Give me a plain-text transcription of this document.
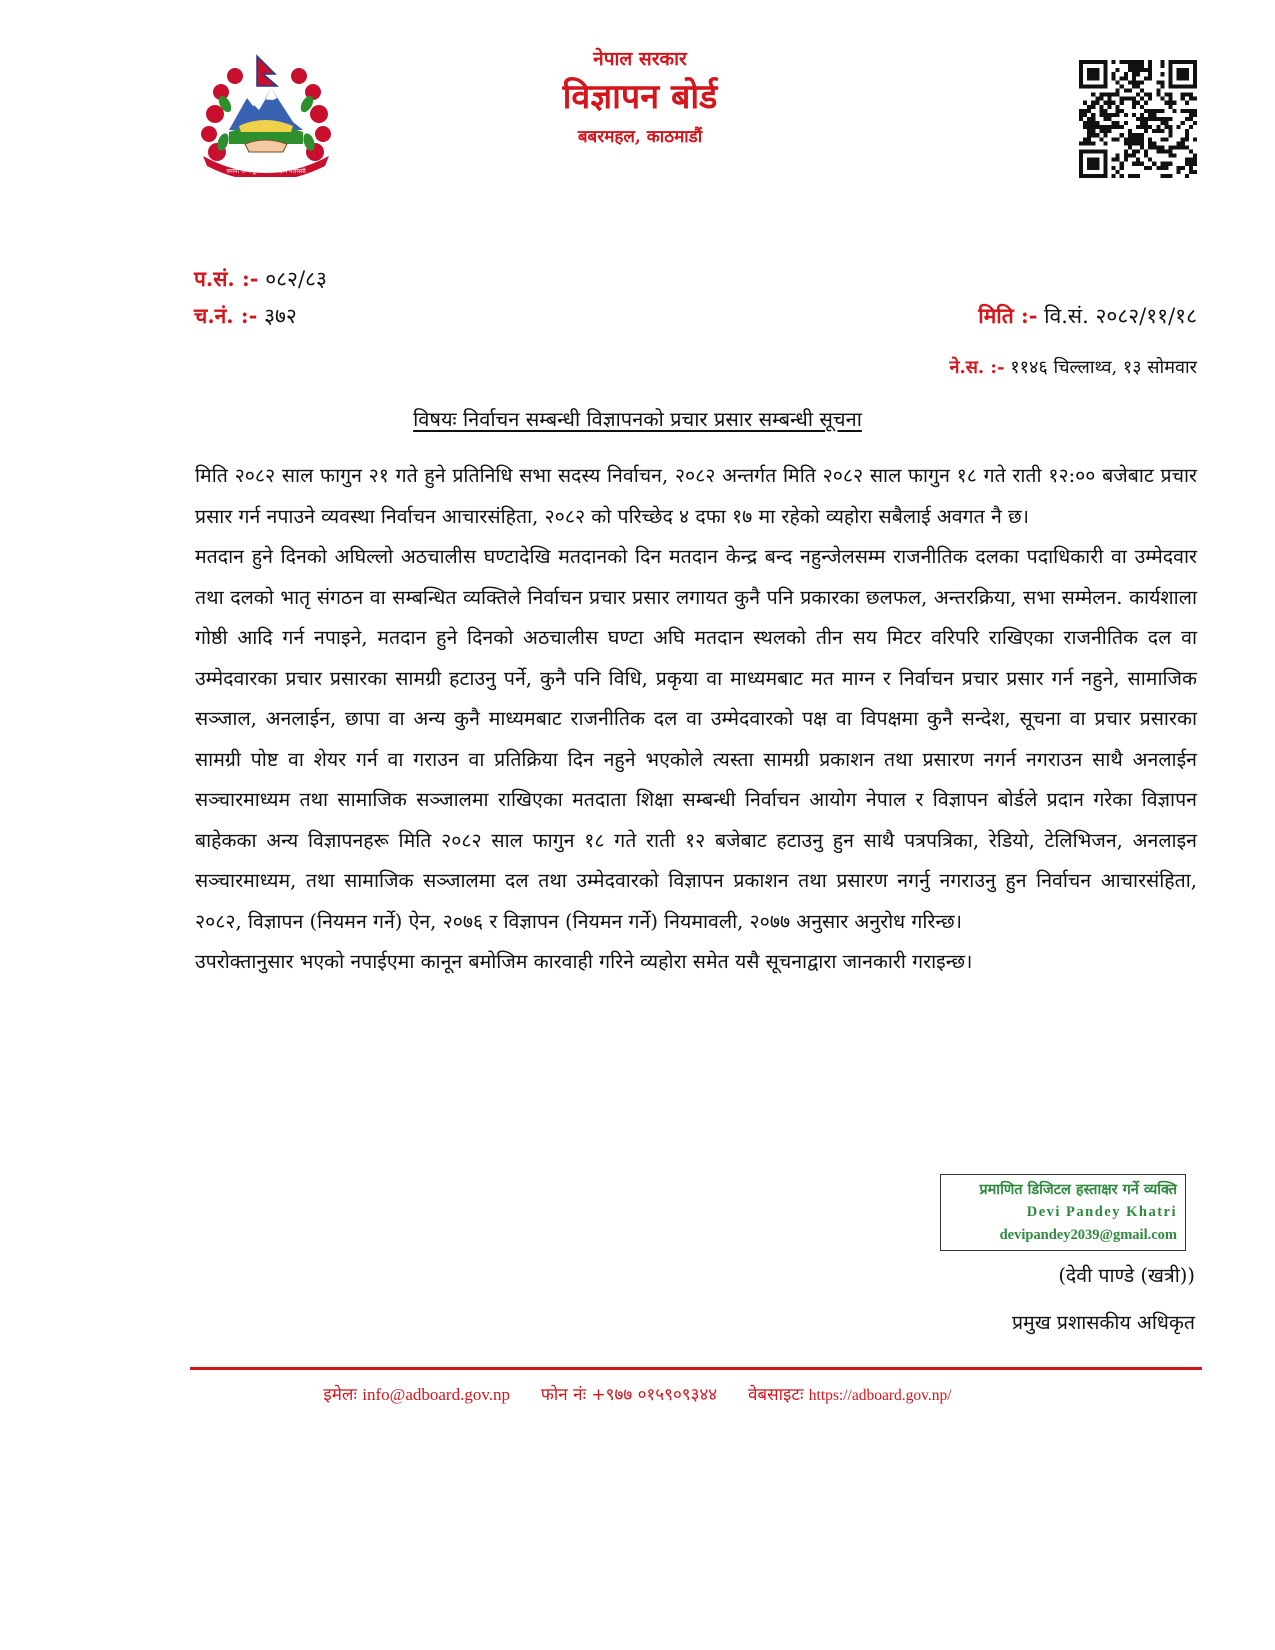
जननी जन्मभूमिश्च स्वर्गादपि गरीयसी
नेपाल सरकार
विज्ञापन बोर्ड
बबरमहल, काठमाडौं
प.सं. :- ०८२/८३
च.नं. :- ३७२	मिति :- वि.सं. २०८२/११/१८
ने.स. :- ११४६ चिल्लाथ्व, १३ सोमवार
विषयः निर्वाचन सम्बन्धी विज्ञापनको प्रचार प्रसार सम्बन्धी सूचना

मिति २०८२ साल फागुन २१ गते हुने प्रतिनिधि सभा सदस्य निर्वाचन, २०८२ अन्तर्गत मिति २०८२ साल फागुन १८ गते राती १२:०० बजेबाट प्रचार प्रसार गर्न नपाउने व्यवस्था निर्वाचन आचारसंहिता, २०८२ को परिच्छेद ४ दफा १७ मा रहेको व्यहोरा सबैलाई अवगत नै छ।

मतदान हुने दिनको अघिल्लो अठचालीस घण्टादेखि मतदानको दिन मतदान केन्द्र बन्द नहुन्जेलसम्म राजनीतिक दलका पदाधिकारी वा उम्मेदवार तथा दलको भातृ संगठन वा सम्बन्धित व्यक्तिले निर्वाचन प्रचार प्रसार लगायत कुनै पनि प्रकारका छलफल, अन्तरक्रिया, सभा सम्मेलन. कार्यशाला गोष्ठी आदि गर्न नपाइने, मतदान हुने दिनको अठचालीस घण्टा अघि मतदान स्थलको तीन सय मिटर वरिपरि राखिएका राजनीतिक दल वा उम्मेदवारका प्रचार प्रसारका सामग्री हटाउनु पर्ने, कुनै पनि विधि, प्रकृया वा माध्यमबाट मत माग्न र निर्वाचन प्रचार प्रसार गर्न नहुने, सामाजिक सञ्जाल, अनलाईन, छापा वा अन्य कुनै माध्यमबाट राजनीतिक दल वा उम्मेदवारको पक्ष वा विपक्षमा कुनै सन्देश, सूचना वा प्रचार प्रसारका सामग्री पोष्ट वा शेयर गर्न वा गराउन वा प्रतिक्रिया दिन नहुने भएकोले त्यस्ता सामग्री प्रकाशन तथा प्रसारण नगर्न नगराउन साथै अनलाईन सञ्चारमाध्यम तथा सामाजिक सञ्जालमा राखिएका मतदाता शिक्षा सम्बन्धी निर्वाचन आयोग नेपाल र विज्ञापन बोर्डले प्रदान गरेका विज्ञापन बाहेकका अन्य विज्ञापनहरू मिति २०८२ साल फागुन १८ गते राती १२ बजेबाट हटाउनु हुन साथै पत्रपत्रिका, रेडियो, टेलिभिजन, अनलाइन सञ्चारमाध्यम, तथा सामाजिक सञ्जालमा दल तथा उम्मेदवारको विज्ञापन प्रकाशन तथा प्रसारण नगर्नु नगराउनु हुन निर्वाचन आचारसंहिता, २०८२, विज्ञापन (नियमन गर्ने) ऐन, २०७६ र विज्ञापन (नियमन गर्ने) नियमावली, २०७७ अनुसार अनुरोध गरिन्छ।

उपरोक्तानुसार भएको नपाईएमा कानून बमोजिम कारवाही गरिने व्यहोरा समेत यसै सूचनाद्वारा जानकारी गराइन्छ।

प्रमाणित डिजिटल हस्ताक्षर गर्ने व्यक्ति
Devi Pandey Khatri
devipandey2039@gmail.com
(देवी पाण्डे (खत्री))
प्रमुख प्रशासकीय अधिकृत
इमेलः info@adboard.gov.np फोन नंः +९७७ ०१५९०९३४४ वेबसाइटः https://adboard.gov.np/
